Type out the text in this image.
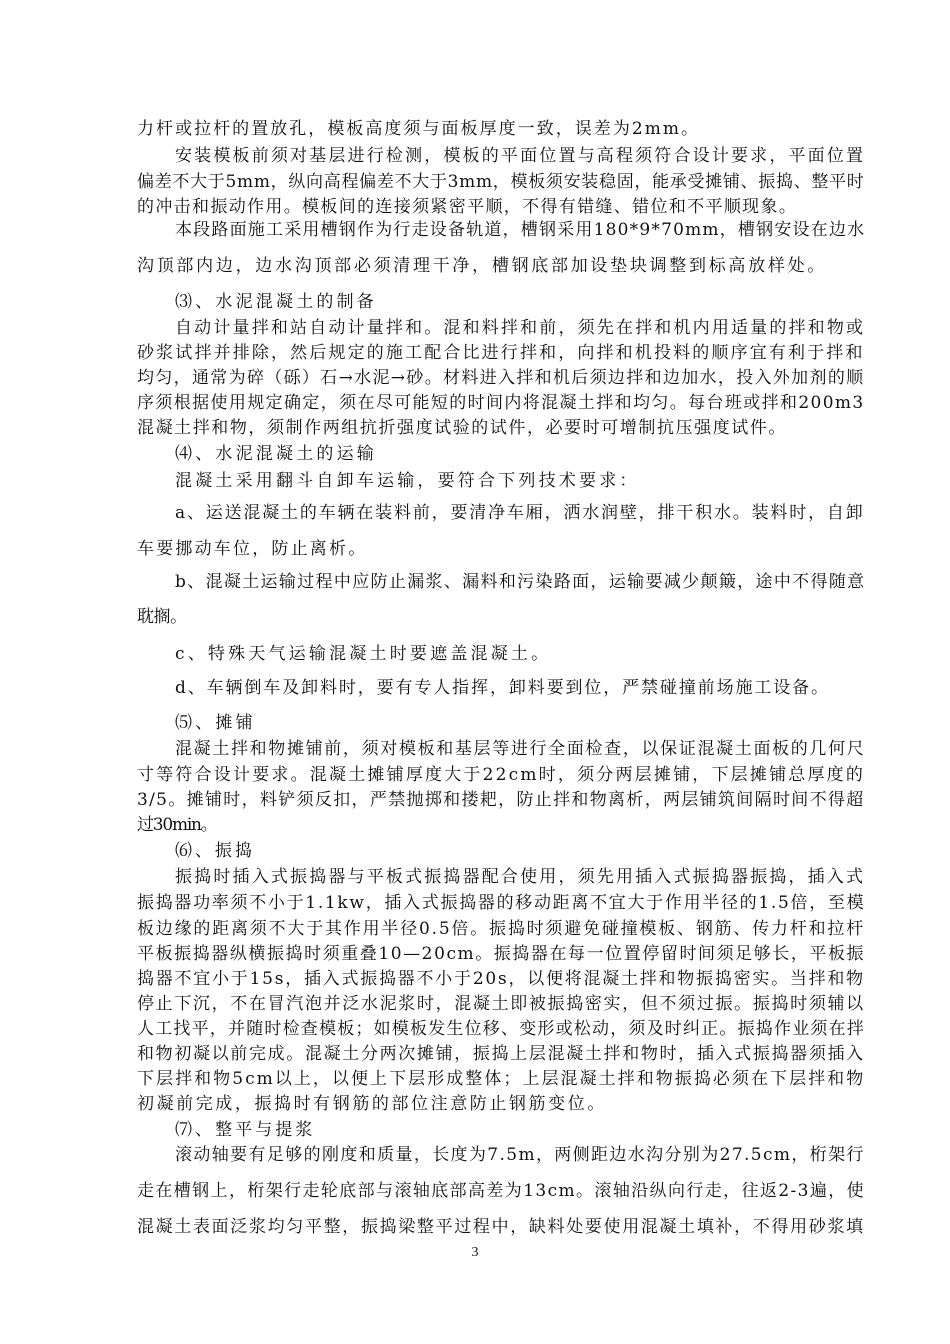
力杆或拉杆的置放孔，模板高度须与面板厚度一致，误差为2mm。
安装模板前须对基层进行检测，模板的平面位置与高程须符合设计要求，平面位置
偏差不大于5mm，纵向高程偏差不大于3mm，模板须安装稳固，能承受摊铺、振捣、整平时
的冲击和振动作用。模板间的连接须紧密平顺，不得有错缝、错位和不平顺现象。
本段路面施工采用槽钢作为行走设备轨道，槽钢采用180*9*70mm，槽钢安设在边水
沟顶部内边，边水沟顶部必须清理干净，槽钢底部加设垫块调整到标高放样处。
⑶、水泥混凝土的制备
自动计量拌和站自动计量拌和。混和料拌和前，须先在拌和机内用适量的拌和物或
砂浆试拌并排除，然后规定的施工配合比进行拌和，向拌和机投料的顺序宜有利于拌和
均匀，通常为碎（砾）石→水泥→砂。材料进入拌和机后须边拌和边加水，投入外加剂的顺
序须根据使用规定确定，须在尽可能短的时间内将混凝土拌和均匀。每台班或拌和200m3
混凝土拌和物，须制作两组抗折强度试验的试件，必要时可增制抗压强度试件。
⑷、水泥混凝土的运输
混凝土采用翻斗自卸车运输，要符合下列技术要求：
a、运送混凝土的车辆在装料前，要清净车厢，洒水润壁，排干积水。装料时，自卸
车要挪动车位，防止离析。
b、混凝土运输过程中应防止漏浆、漏料和污染路面，运输要减少颠簸，途中不得随意
耽搁。
c、特殊天气运输混凝土时要遮盖混凝土。
d、车辆倒车及卸料时，要有专人指挥，卸料要到位，严禁碰撞前场施工设备。
⑸、摊铺
混凝土拌和物摊铺前，须对模板和基层等进行全面检查，以保证混凝土面板的几何尺
寸等符合设计要求。混凝土摊铺厚度大于22cm时，须分两层摊铺，下层摊铺总厚度的
3/5。摊铺时，料铲须反扣，严禁抛掷和搂耙，防止拌和物离析，两层铺筑间隔时间不得超
过30min。
⑹、振捣
振捣时插入式振捣器与平板式振捣器配合使用，须先用插入式振捣器振捣，插入式
振捣器功率须不小于1.1kw，插入式振捣器的移动距离不宜大于作用半径的1.5倍，至模
板边缘的距离须不大于其作用半径0.5倍。振捣时须避免碰撞模板、钢筋、传力杆和拉杆
平板振捣器纵横振捣时须重叠10—20cm。振捣器在每一位置停留时间须足够长，平板振
捣器不宜小于15s，插入式振捣器不小于20s，以便将混凝土拌和物振捣密实。当拌和物
停止下沉，不在冒汽泡并泛水泥浆时，混凝土即被振捣密实，但不须过振。振捣时须辅以
人工找平，并随时检查模板；如模板发生位移、变形或松动，须及时纠正。振捣作业须在拌
和物初凝以前完成。混凝土分两次摊铺，振捣上层混凝土拌和物时，插入式振捣器须插入
下层拌和物5cm以上，以便上下层形成整体；上层混凝土拌和物振捣必须在下层拌和物
初凝前完成，振捣时有钢筋的部位注意防止钢筋变位。
⑺、整平与提浆
滚动轴要有足够的刚度和质量，长度为7.5m，两侧距边水沟分别为27.5cm，桁架行
走在槽钢上，桁架行走轮底部与滚轴底部高差为13cm。滚轴沿纵向行走，往返2-3遍，使
混凝土表面泛浆均匀平整，振捣梁整平过程中，缺料处要使用混凝土填补，不得用砂浆填
3
